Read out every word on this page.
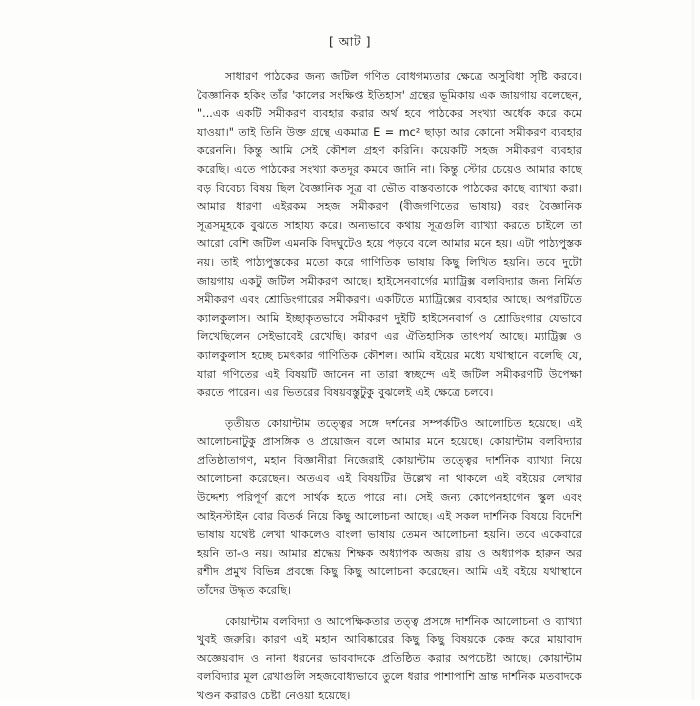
[ আট ]

সাধারণ পাঠকের জন্য জটিল গণিত বোধগম্যতার ক্ষেত্রে অসুবিধা সৃষ্টি করবে। বৈজ্ঞানিক হকিং তাঁর 'কালের সংক্ষিপ্ত ইতিহাস' গ্রন্থের ভূমিকায় এক জায়গায় বলেছেন, "...এক একটি সমীকরণ ব্যবহার করার অর্থ হবে পাঠকের সংখ্যা অর্ধেক করে কমে যাওয়া।" তাই তিনি উক্ত গ্রন্থে একমাত্র E = mc² ছাড়া আর কোনো সমীকরণ ব্যবহার করেননি। কিন্তু আমি সেই কৌশল গ্রহণ করিনি। কয়েকটি সহজ সমীকরণ ব্যবহার করেছি। এতে পাঠকের সংখ্যা কতদূর কমবে জানি না। কিন্তু স্টোর চেয়েও আমার কাছে বড় বিবেচ্য বিষয় ছিল বৈজ্ঞানিক সূত্র বা ভৌত বাস্তবতাকে পাঠকের কাছে ব্যাখ্যা করা। আমার ধারণা এইরকম সহজ সমীকরণ (বীজগণিতের ভাষায়) বরং বৈজ্ঞানিক সূত্রসমূহকে বুঝতে সাহায্য করে। অন্যভাবে কথায় সূত্রগুলি ব্যাখ্যা করতে চাইলে তা আরো বেশি জটিল এমনকি বিদঘুটেও হয়ে পড়বে বলে আমার মনে হয়। এটা পাঠ্যপুস্তক নয়। তাই পাঠ্যপুস্তকের মতো করে গাণিতিক ভাষায় কিছু লিখিত হয়নি। তবে দুটো জায়গায় একটু জটিল সমীকরণ আছে। হাইসেনবার্গের ম্যাট্রিক্স বলবিদ্যার জন্য নির্মিত সমীকরণ এবং শ্রোডিংগারের সমীকরণ। একটিতে ম্যাট্রিক্সের ব্যবহার আছে। অপরটিতে ক্যালকুলাস। আমি ইচ্ছাকৃতভাবে সমীকরণ দুইটি হাইসেনবার্গ ও শ্রোডিংগার যেভাবে লিখেছিলেন সেইভাবেই রেখেছি। কারণ এর ঐতিহাসিক তাৎপর্য আছে। ম্যাট্রিক্স ও ক্যালকুলাস হচ্ছে চমৎকার গাণিতিক কৌশল। আমি বইয়ের মধ্যে যথাস্থানে বলেছি যে, যারা গণিতের এই বিষয়টি জানেন না তারা স্বচ্ছন্দে এই জটিল সমীকরণটি উপেক্ষা করতে পারেন। এর ভিতরের বিষয়বস্তুটুকু বুঝলেই এই ক্ষেত্রে চলবে।

তৃতীয়ত কোয়ান্টাম তত্ত্বের সঙ্গে দর্শনের সম্পর্কটিও আলোচিত হয়েছে। এই আলোচনাটুকু প্রাসঙ্গিক ও প্রয়োজন বলে আমার মনে হয়েছে। কোয়ান্টাম বলবিদ্যার প্রতিষ্ঠাতাগণ, মহান বিজ্ঞানীরা নিজেরাই কোয়ান্টাম তত্ত্বের দার্শনিক ব্যাখ্যা নিয়ে আলোচনা করেছেন। অতএব এই বিষয়টির উল্লেখ না থাকলে এই বইয়ের লেখার উদ্দেশ্য পরিপূর্ণ রূপে সার্থক হতে পারে না। সেই জন্য কোপেনহাগেন স্কুল এবং আইনস্টাইন বোর বিতর্ক নিয়ে কিছু আলোচনা আছে। এই সকল দার্শনিক বিষয়ে বিদেশি ভাষায় যথেষ্ট লেখা থাকলেও বাংলা ভাষায় তেমন আলোচনা হয়নি। তবে একেবারে হয়নি তা-ও নয়। আমার শ্রদ্ধেয় শিক্ষক অধ্যাপক অজয় রায় ও অধ্যাপক হারুন অর রশীদ প্রমুখ বিভিন্ন প্রবন্ধে কিছু কিছু আলোচনা করেছেন। আমি এই বইয়ে যথাস্থানে তাঁদের উদ্ধৃত করেছি।

কোয়ান্টাম বলবিদ্যা ও আপেক্ষিকতার তত্ত্ব প্রসঙ্গে দার্শনিক আলোচনা ও ব্যাখ্যা খুবই জরুরি। কারণ এই মহান আবিষ্কারের কিছু কিছু বিষয়কে কেন্দ্র করে মায়াবাদ অজ্ঞেয়বাদ ও নানা ধরনের ভাববাদকে প্রতিষ্ঠিত করার অপচেষ্টা আছে। কোয়ান্টাম বলবিদ্যার মূল রেখাগুলি সহজবোধ্যভাবে তুলে ধরার পাশাপাশি ভ্রান্ত দার্শনিক মতবাদকে খণ্ডন করারও চেষ্টা নেওয়া হয়েছে।
